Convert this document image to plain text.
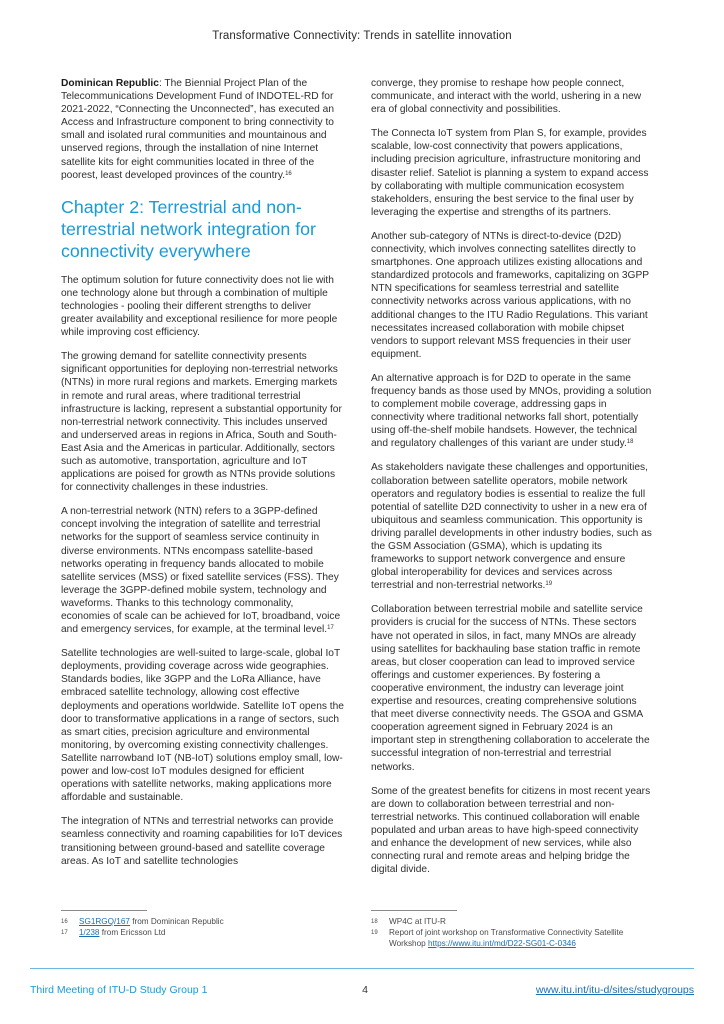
Transformative Connectivity: Trends in satellite innovation

Dominican Republic: The Biennial Project Plan of the Telecommunications Development Fund of INDOTEL-RD for 2021-2022, “Connecting the Unconnected”, has executed an Access and Infrastructure component to bring connectivity to small and isolated rural communities and mountainous and unserved regions, through the installation of nine Internet satellite kits for eight communities located in three of the poorest, least developed provinces of the country.$^{16}$

Chapter 2: Terrestrial and non-terrestrial network integration for connectivity everywhere

The optimum solution for future connectivity does not lie with one technology alone but through a combination of multiple technologies - pooling their different strengths to deliver greater availability and exceptional resilience for more people while improving cost efficiency.

The growing demand for satellite connectivity presents significant opportunities for deploying non-terrestrial networks (NTNs) in more rural regions and markets. Emerging markets in remote and rural areas, where traditional terrestrial infrastructure is lacking, represent a substantial opportunity for non-terrestrial network connectivity. This includes unserved and underserved areas in regions in Africa, South and South-East Asia and the Americas in particular. Additionally, sectors such as automotive, transportation, agriculture and IoT applications are poised for growth as NTNs provide solutions for connectivity challenges in these industries.

A non-terrestrial network (NTN) refers to a 3GPP-defined concept involving the integration of satellite and terrestrial networks for the support of seamless service continuity in diverse environments. NTNs encompass satellite-based networks operating in frequency bands allocated to mobile satellite services (MSS) or fixed satellite services (FSS). They leverage the 3GPP-defined mobile system, technology and waveforms. Thanks to this technology commonality, economies of scale can be achieved for IoT, broadband, voice and emergency services, for example, at the terminal level.$^{17}$

Satellite technologies are well-suited to large-scale, global IoT deployments, providing coverage across wide geographies. Standards bodies, like 3GPP and the LoRa Alliance, have embraced satellite technology, allowing cost effective deployments and operations worldwide. Satellite IoT opens the door to transformative applications in a range of sectors, such as smart cities, precision agriculture and environmental monitoring, by overcoming existing connectivity challenges. Satellite narrowband IoT (NB-IoT) solutions employ small, low-power and low-cost IoT modules designed for efficient operations with satellite networks, making applications more affordable and sustainable.

The integration of NTNs and terrestrial networks can provide seamless connectivity and roaming capabilities for IoT devices transitioning between ground-based and satellite coverage areas. As IoT and satellite technologies

converge, they promise to reshape how people connect, communicate, and interact with the world, ushering in a new era of global connectivity and possibilities.

The Connecta IoT system from Plan S, for example, provides scalable, low-cost connectivity that powers applications, including precision agriculture, infrastructure monitoring and disaster relief. Sateliot is planning a system to expand access by collaborating with multiple communication ecosystem stakeholders, ensuring the best service to the final user by leveraging the expertise and strengths of its partners.

Another sub-category of NTNs is direct-to-device (D2D) connectivity, which involves connecting satellites directly to smartphones. One approach utilizes existing allocations and standardized protocols and frameworks, capitalizing on 3GPP NTN specifications for seamless terrestrial and satellite connectivity networks across various applications, with no additional changes to the ITU Radio Regulations. This variant necessitates increased collaboration with mobile chipset vendors to support relevant MSS frequencies in their user equipment.

An alternative approach is for D2D to operate in the same frequency bands as those used by MNOs, providing a solution to complement mobile coverage, addressing gaps in connectivity where traditional networks fall short, potentially using off-the-shelf mobile handsets. However, the technical and regulatory challenges of this variant are under study.$^{18}$

As stakeholders navigate these challenges and opportunities, collaboration between satellite operators, mobile network operators and regulatory bodies is essential to realize the full potential of satellite D2D connectivity to usher in a new era of ubiquitous and seamless communication. This opportunity is driving parallel developments in other industry bodies, such as the GSM Association (GSMA), which is updating its frameworks to support network convergence and ensure global interoperability for devices and services across terrestrial and non-terrestrial networks.$^{19}$

Collaboration between terrestrial mobile and satellite service providers is crucial for the success of NTNs. These sectors have not operated in silos, in fact, many MNOs are already using satellites for backhauling base station traffic in remote areas, but closer cooperation can lead to improved service offerings and customer experiences. By fostering a cooperative environment, the industry can leverage joint expertise and resources, creating comprehensive solutions that meet diverse connectivity needs. The GSOA and GSMA cooperation agreement signed in February 2024 is an important step in strengthening collaboration to accelerate the successful integration of non-terrestrial and terrestrial networks.

Some of the greatest benefits for citizens in most recent years are down to collaboration between terrestrial and non-terrestrial networks. This continued collaboration will enable populated and urban areas to have high-speed connectivity and enhance the development of new services, while also connecting rural and remote areas and helping bridge the digital divide.

16	SG1RGQ/167 from Dominican Republic
17	1/238 from Ericsson Ltd
18	WP4C at ITU-R
19	Report of joint workshop on Transformative Connectivity Satellite Workshop https://www.itu.int/md/D22-SG01-C-0346
Third Meeting of ITU-D Study Group 1	4	www.itu.int/itu-d/sites/studygroups
